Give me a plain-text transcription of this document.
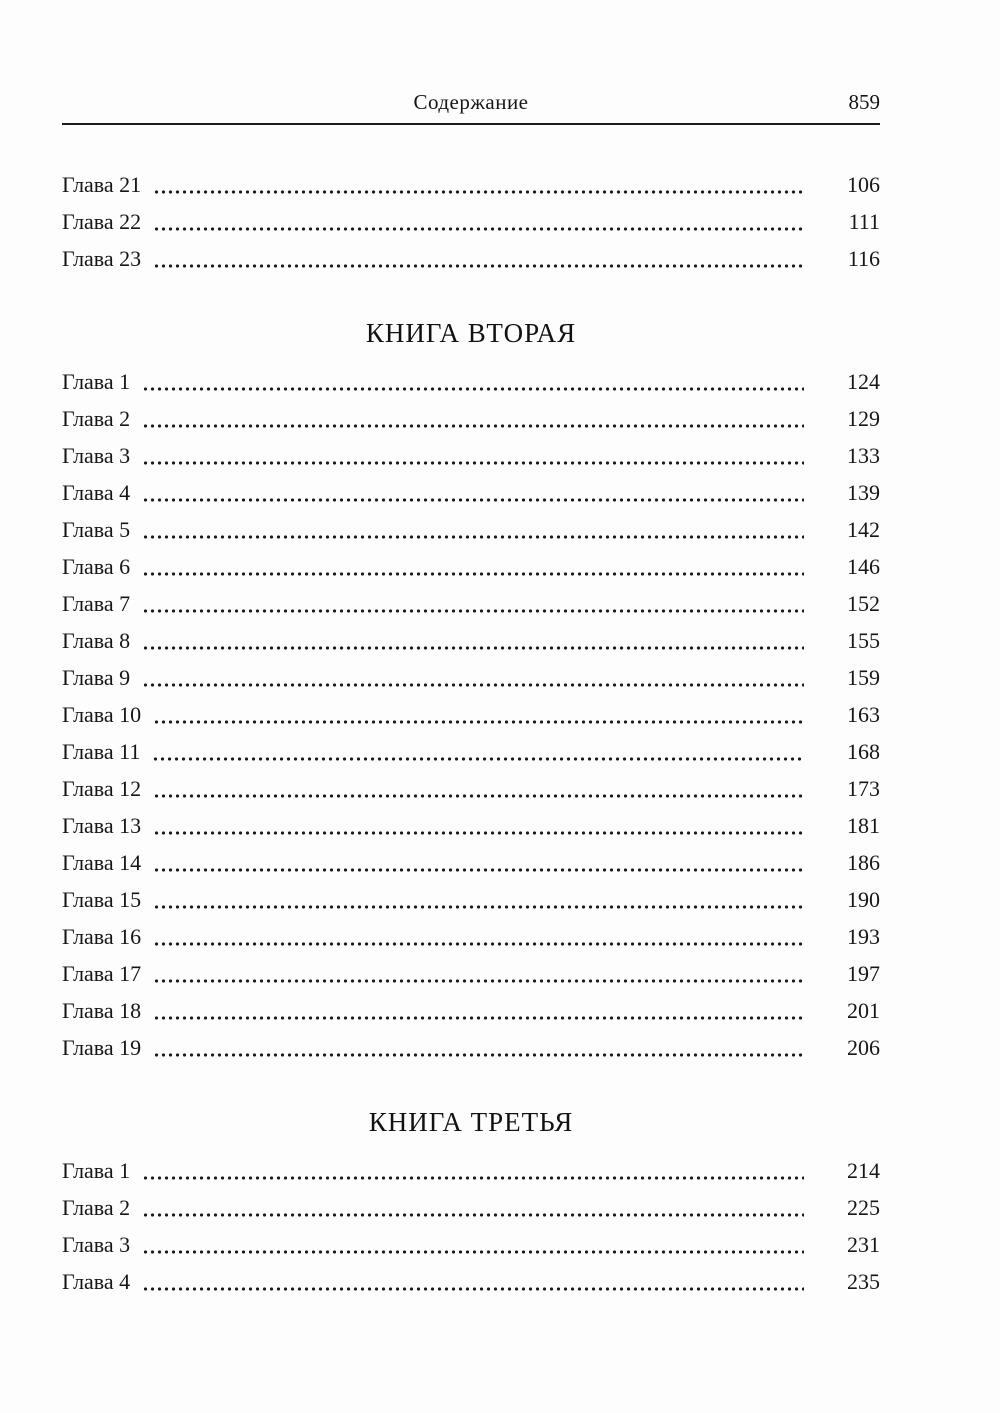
Содержание	859
Глава 21	106
Глава 22	111
Глава 23	116
КНИГА ВТОРАЯ
Глава 1	124
Глава 2	129
Глава 3	133
Глава 4	139
Глава 5	142
Глава 6	146
Глава 7	152
Глава 8	155
Глава 9	159
Глава 10	163
Глава 11	168
Глава 12	173
Глава 13	181
Глава 14	186
Глава 15	190
Глава 16	193
Глава 17	197
Глава 18	201
Глава 19	206
КНИГА ТРЕТЬЯ
Глава 1	214
Глава 2	225
Глава 3	231
Глава 4	235
